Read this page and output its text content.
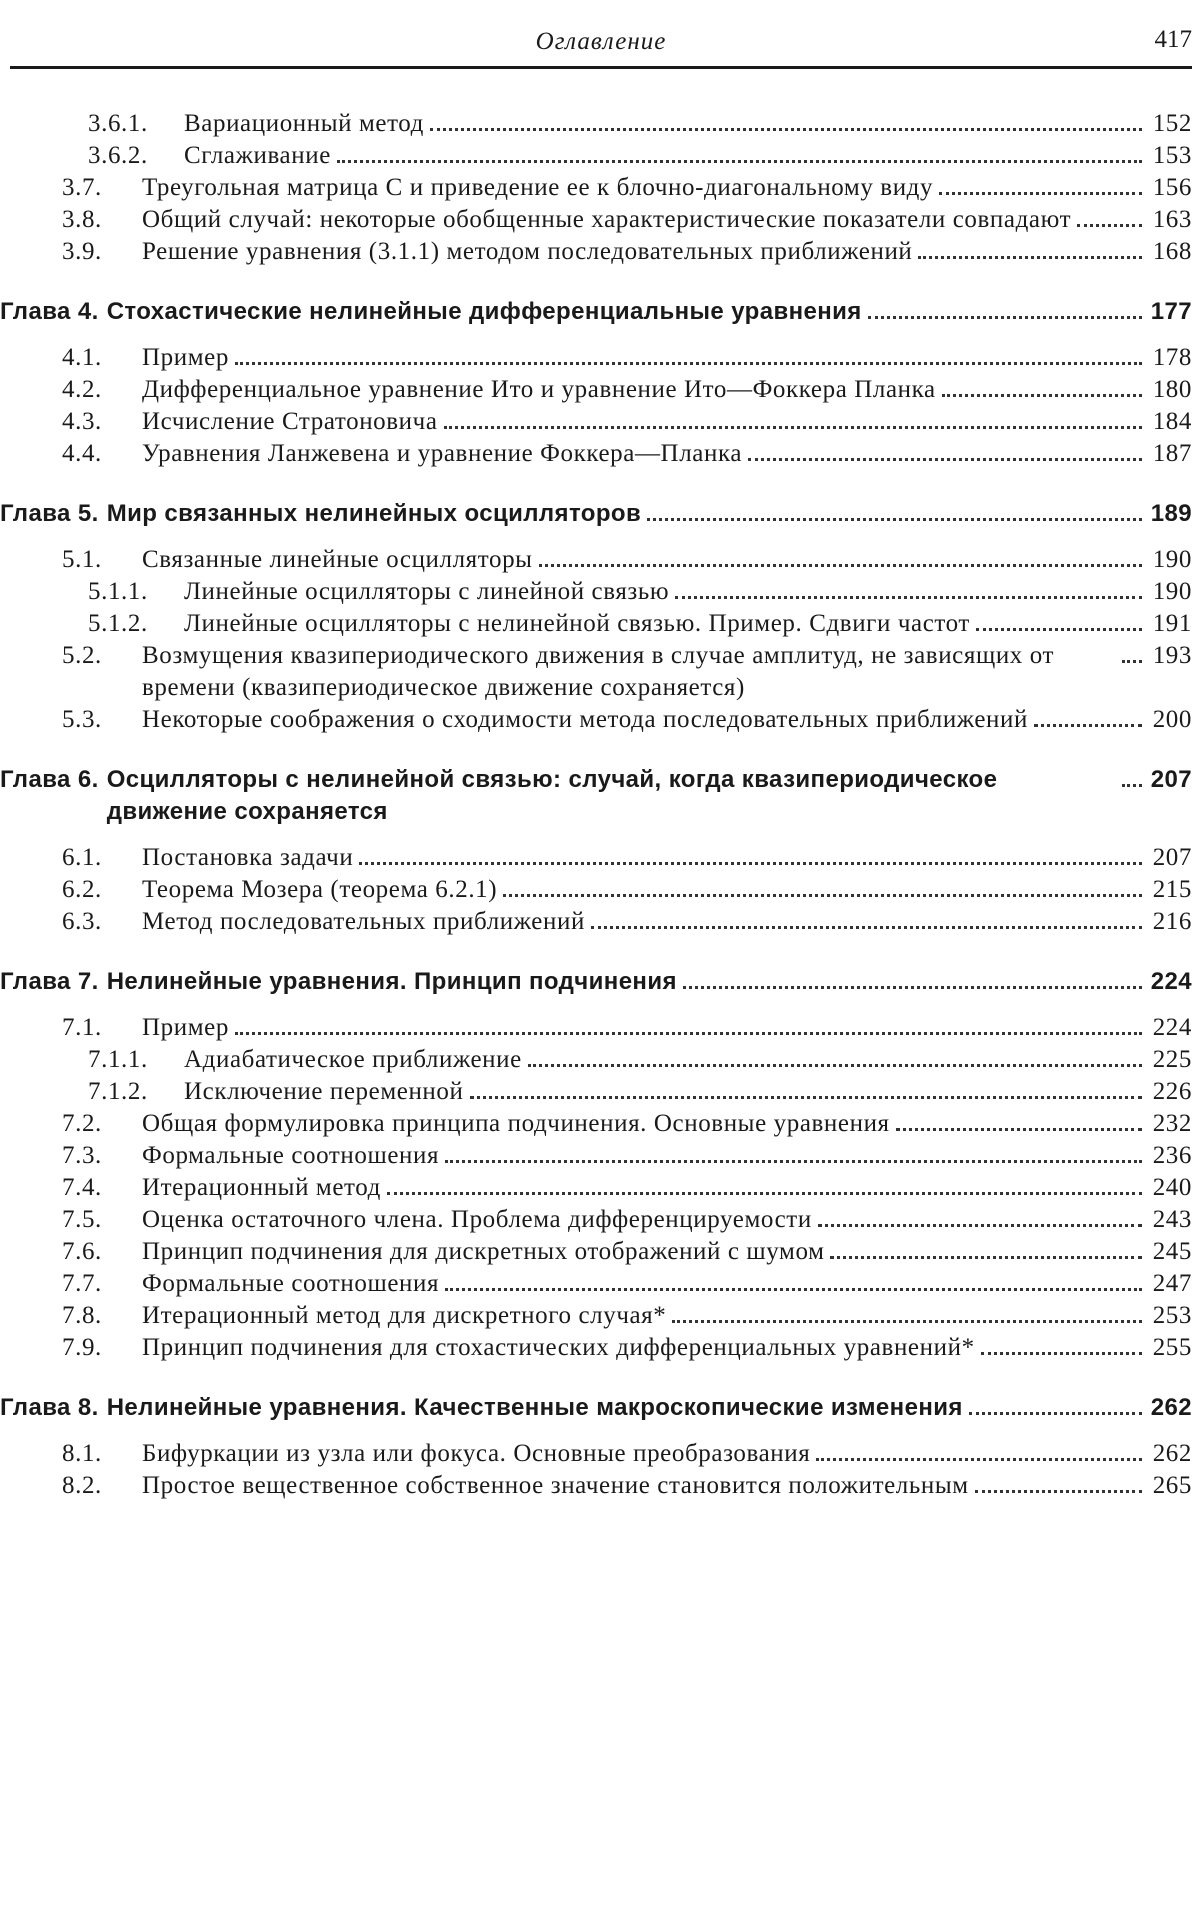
Оглавление	417
3.6.1.	Вариационный метод	152
3.6.2.	Сглаживание	153
3.7.	Треугольная матрица C и приведение ее к блочно-диагональному виду	156
3.8.	Общий случай: некоторые обобщенные характеристические показатели совпадают	163
3.9.	Решение уравнения (3.1.1) методом последовательных приближений	168
Глава 4. Стохастические нелинейные дифференциальные уравнения	177
4.1.	Пример	178
4.2.	Дифференциальное уравнение Ито и уравнение Ито—Фоккера Планка	180
4.3.	Исчисление Стратоновича	184
4.4.	Уравнения Ланжевена и уравнение Фоккера—Планка	187
Глава 5. Мир связанных нелинейных осцилляторов	189
5.1.	Связанные линейные осцилляторы	190
5.1.1.	Линейные осцилляторы с линейной связью	190
5.1.2.	Линейные осцилляторы с нелинейной связью. Пример. Сдвиги частот	191
5.2.	Возмущения квазипериодического движения в случае амплитуд, не зависящих от времени (квазипериодическое движение сохраняется)
193
5.3.	Некоторые соображения о сходимости метода последовательных приближений	200
Глава 6. Осцилляторы с нелинейной связью: случай, когда квазипериодическое движение сохраняется
207
6.1.	Постановка задачи	207
6.2.	Теорема Мозера (теорема 6.2.1)	215
6.3.	Метод последовательных приближений	216
Глава 7. Нелинейные уравнения. Принцип подчинения	224
7.1.	Пример	224
7.1.1.	Адиабатическое приближение	225
7.1.2.	Исключение переменной	226
7.2.	Общая формулировка принципа подчинения. Основные уравнения	232
7.3.	Формальные соотношения	236
7.4.	Итерационный метод	240
7.5.	Оценка остаточного члена. Проблема дифференцируемости	243
7.6.	Принцип подчинения для дискретных отображений с шумом	245
7.7.	Формальные соотношения	247
7.8.	Итерационный метод для дискретного случая*	253
7.9.	Принцип подчинения для стохастических дифференциальных уравнений*	255
Глава 8. Нелинейные уравнения. Качественные макроскопические изменения	262
8.1.	Бифуркации из узла или фокуса. Основные преобразования	262
8.2.	Простое вещественное собственное значение становится положительным	265
